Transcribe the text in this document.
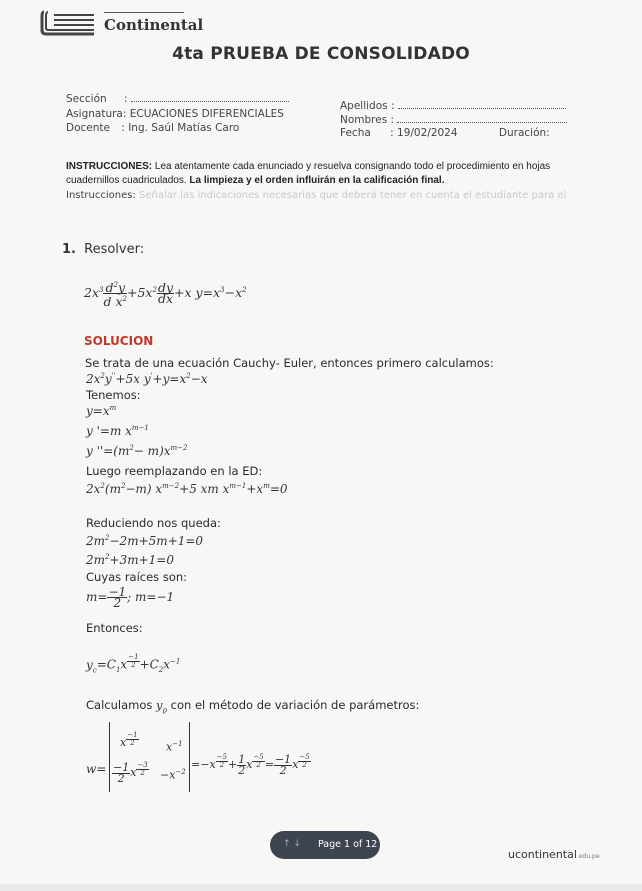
Continental
4ta PRUEBA DE CONSOLIDADO
Sección :
Asignatura: ECUACIONES DIFERENCIALES
Docente : Ing. Saúl Matías Caro
Apellidos :
Nombres :
Fecha : 19/02/2024	Duración:
INSTRUCCIONES: Lea atentamente cada enunciado y resuelva consignando todo el procedimiento en hojas cuadernillos cuadriculados. La limpieza y el orden influirán en la calificación final.
Instrucciones: Señalar las indicaciones necesarias que deberá tener en cuenta el estudiante para el
1. Resolver:
$2x^3 \frac{d^2y}{d x^2} +5x^2 \frac{dy}{dx} +x$ $y=x^3-x^2$
SOLUCION
Se trata de una ecuación Cauchy- Euler, entonces primero calculamos:
$2x^2y''+5x$ $y'+y=x^2-x$
Tenemos:
$y=x^m$
y '=m $x^{m-1}$
y ''$=(m^2- m)x^{m-2}$
Luego reemplazando en la ED:
$2x^2(m^2-m)$ $x^{m-2}+5$ xm $x^{m-1}+x^m=0$
Reduciendo nos queda:
$2m^2-2m+5m+1=0$
$2m^2+3m+1=0$
Cuyas raíces son:
$m= \frac{-1}{2}$ ; m=−1
Entonces:
$y_c=C_1x$ $^{\frac{-1}{2}} +C_2x^{-1}$
Calculamos $y_p$ con el método de variación de parámetros:
w=
x $^{\frac{-1}{2}}$
$x^{-1}$
$\frac{-1}{2}$ x $^{\frac{-3}{2}} -x^{-2}$
=−x $^{\frac{-5}{2}} + \frac{1}{2}$ x $^{\frac{-5}{2}} = \frac{-1}{2}$ x $^{\frac{-5}{2}}$
↑ ↓ Page 1 of 12
ucontinental.edu.pe
